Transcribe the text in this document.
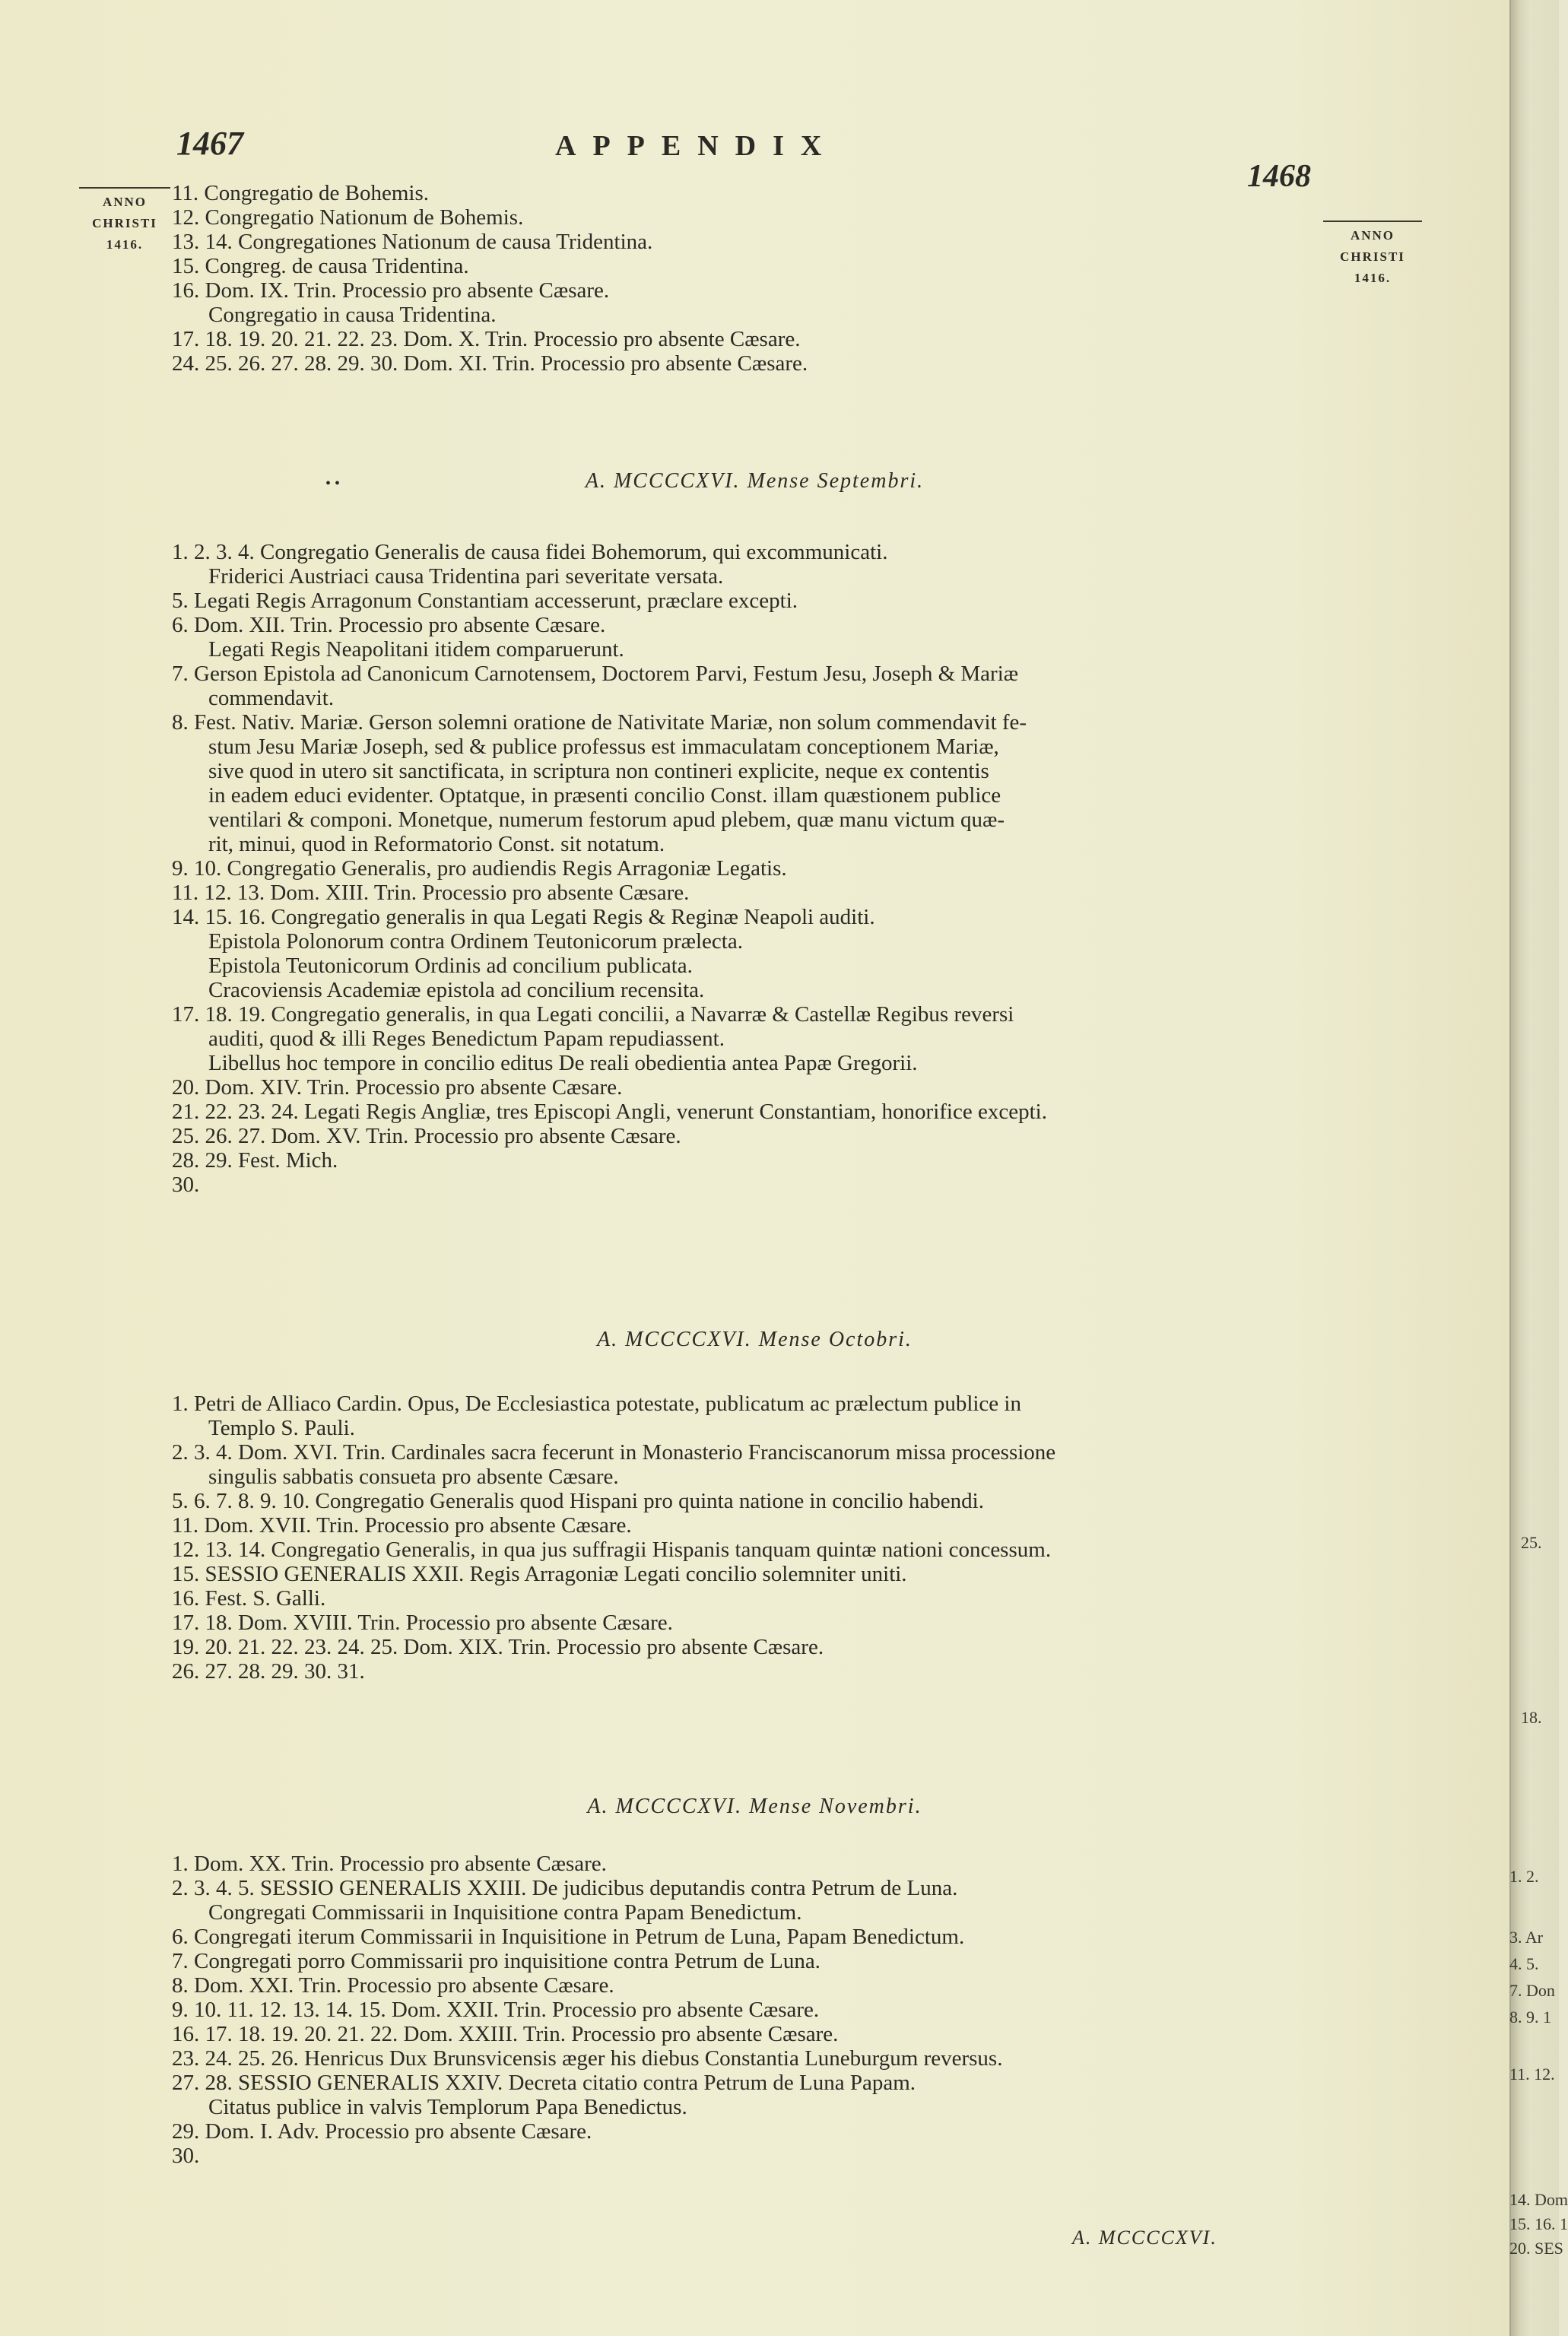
1467	APPENDIX
1468
ANNO
CHRISTI
1416.
ANNO
CHRISTI
1416.
11. Congregatio de Bohemis.
12. Congregatio Nationum de Bohemis.
13. 14. Congregationes Nationum de causa Tridentina.
15. Congreg. de causa Tridentina.
16. Dom. IX. Trin. Processio pro absente Cæsare.
Congregatio in causa Tridentina.
17. 18. 19. 20. 21. 22. 23. Dom. X. Trin. Processio pro absente Cæsare.
24. 25. 26. 27. 28. 29. 30. Dom. XI. Trin. Processio pro absente Cæsare.
• •	A. MCCCCXVI. Mense Septembri.
1. 2. 3. 4. Congregatio Generalis de causa fidei Bohemorum, qui excommunicati.
Friderici Austriaci causa Tridentina pari severitate versata.
5. Legati Regis Arragonum Constantiam accesserunt, præclare excepti.
6. Dom. XII. Trin. Processio pro absente Cæsare.
Legati Regis Neapolitani itidem comparuerunt.
7. Gerson Epistola ad Canonicum Carnotensem, Doctorem Parvi, Festum Jesu, Joseph & Mariæ
commendavit.
8. Fest. Nativ. Mariæ. Gerson solemni oratione de Nativitate Mariæ, non solum commendavit fe-
stum Jesu Mariæ Joseph, sed & publice professus est immaculatam conceptionem Mariæ,
sive quod in utero sit sanctificata, in scriptura non contineri explicite, neque ex contentis
in eadem educi evidenter. Optatque, in præsenti concilio Const. illam quæstionem publice
ventilari & componi. Monetque, numerum festorum apud plebem, quæ manu victum quæ-
rit, minui, quod in Reformatorio Const. sit notatum.
9. 10. Congregatio Generalis, pro audiendis Regis Arragoniæ Legatis.
11. 12. 13. Dom. XIII. Trin. Processio pro absente Cæsare.
14. 15. 16. Congregatio generalis in qua Legati Regis & Reginæ Neapoli auditi.
Epistola Polonorum contra Ordinem Teutonicorum prælecta.
Epistola Teutonicorum Ordinis ad concilium publicata.
Cracoviensis Academiæ epistola ad concilium recensita.
17. 18. 19. Congregatio generalis, in qua Legati concilii, a Navarræ & Castellæ Regibus reversi
auditi, quod & illi Reges Benedictum Papam repudiassent.
Libellus hoc tempore in concilio editus De reali obedientia antea Papæ Gregorii.
20. Dom. XIV. Trin. Processio pro absente Cæsare.
21. 22. 23. 24. Legati Regis Angliæ, tres Episcopi Angli, venerunt Constantiam, honorifice excepti.
25. 26. 27. Dom. XV. Trin. Processio pro absente Cæsare.
28. 29. Fest. Mich.
30.
A. MCCCCXVI. Mense Octobri.
1. Petri de Alliaco Cardin. Opus, De Ecclesiastica potestate, publicatum ac prælectum publice in
Templo S. Pauli.
2. 3. 4. Dom. XVI. Trin. Cardinales sacra fecerunt in Monasterio Franciscanorum missa processione
singulis sabbatis consueta pro absente Cæsare.
5. 6. 7. 8. 9. 10. Congregatio Generalis quod Hispani pro quinta natione in concilio habendi.
11. Dom. XVII. Trin. Processio pro absente Cæsare.
12. 13. 14. Congregatio Generalis, in qua jus suffragii Hispanis tanquam quintæ nationi concessum.
15. SESSIO GENERALIS XXII. Regis Arragoniæ Legati concilio solemniter uniti.
16. Fest. S. Galli.
17. 18. Dom. XVIII. Trin. Processio pro absente Cæsare.
19. 20. 21. 22. 23. 24. 25. Dom. XIX. Trin. Processio pro absente Cæsare.
26. 27. 28. 29. 30. 31.
A. MCCCCXVI. Mense Novembri.
1. Dom. XX. Trin. Processio pro absente Cæsare.
2. 3. 4. 5. SESSIO GENERALIS XXIII. De judicibus deputandis contra Petrum de Luna.
Congregati Commissarii in Inquisitione contra Papam Benedictum.
6. Congregati iterum Commissarii in Inquisitione in Petrum de Luna, Papam Benedictum.
7. Congregati porro Commissarii pro inquisitione contra Petrum de Luna.
8. Dom. XXI. Trin. Processio pro absente Cæsare.
9. 10. 11. 12. 13. 14. 15. Dom. XXII. Trin. Processio pro absente Cæsare.
16. 17. 18. 19. 20. 21. 22. Dom. XXIII. Trin. Processio pro absente Cæsare.
23. 24. 25. 26. Henricus Dux Brunsvicensis æger his diebus Constantia Luneburgum reversus.
27. 28. SESSIO GENERALIS XXIV. Decreta citatio contra Petrum de Luna Papam.
Citatus publice in valvis Templorum Papa Benedictus.
29. Dom. I. Adv. Processio pro absente Cæsare.
30.
A. MCCCCXVI.
25.
18.
1. 2.
3. Ar
4. 5.
7. Don
8. 9. 1
11. 12.
14. Dom
15. 16. 1
20. SES
